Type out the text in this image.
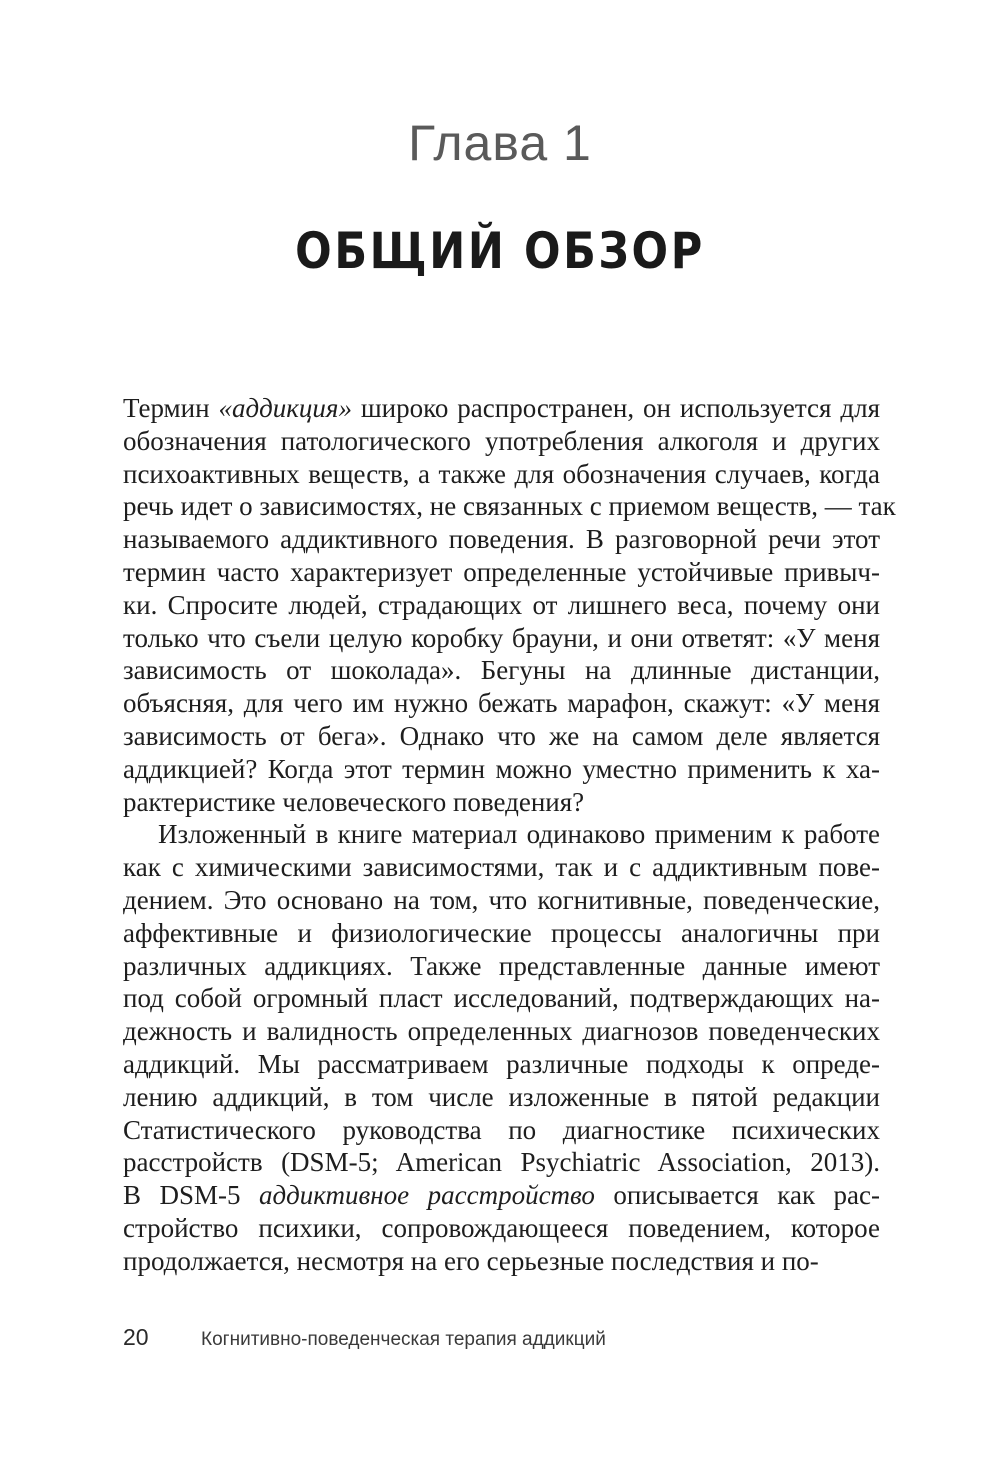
Глава 1
ОБЩИЙ ОБЗОР
Термин «аддикция» широко распространен, он используется для
обозначения патологического употребления алкоголя и других
психоактивных веществ, а также для обозначения случаев, когда
речь идет о зависимостях, не связанных с приемом веществ, — так
называемого аддиктивного поведения. В разговорной речи этот
термин часто характеризует определенные устойчивые привыч-
ки. Спросите людей, страдающих от лишнего веса, почему они
только что съели целую коробку брауни, и они ответят: «У меня
зависимость от шоколада». Бегуны на длинные дистанции,
объясняя, для чего им нужно бежать марафон, скажут: «У меня
зависимость от бега». Однако что же на самом деле является
аддикцией? Когда этот термин можно уместно применить к ха-
рактеристике человеческого поведения?
Изложенный в книге материал одинаково применим к работе
как с химическими зависимостями, так и с аддиктивным пове-
дением. Это основано на том, что когнитивные, поведенческие,
аффективные и физиологические процессы аналогичны при
различных аддикциях. Также представленные данные имеют
под собой огромный пласт исследований, подтверждающих на-
дежность и валидность определенных диагнозов поведенческих
аддикций. Мы рассматриваем различные подходы к опреде-
лению аддикций, в том числе изложенные в пятой редакции
Статистического руководства по диагностике психических
расстройств (DSM-5; American Psychiatric Association, 2013).
В DSM-5 аддиктивное расстройство описывается как рас-
стройство психики, сопровождающееся поведением, которое
продолжается, несмотря на его серьезные последствия и по-
20	Когнитивно-поведенческая терапия аддикций
